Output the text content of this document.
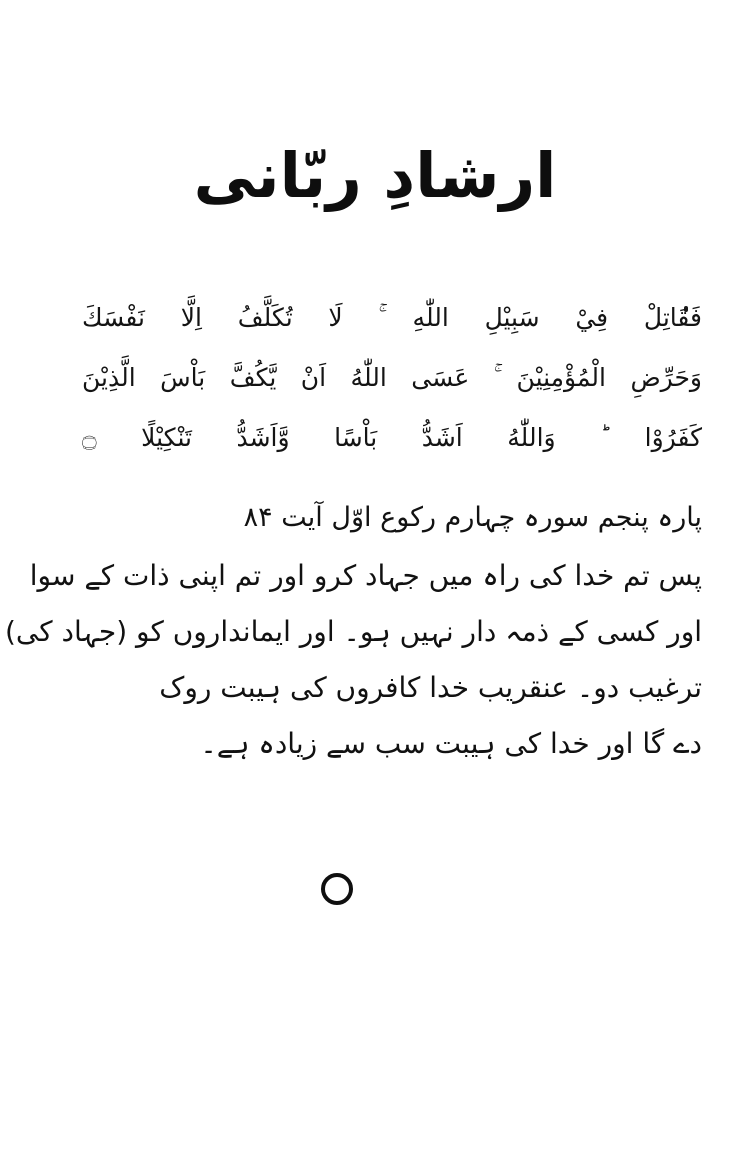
ارشادِ ربّانی
فَقَاتِلْ فِيْ سَبِيْلِ اللّٰهِ ۚ لَا تُكَلَّفُ اِلَّا نَفْسَكَ
وَحَرِّضِ الْمُؤْمِنِيْنَ ۚ عَسَى اللّٰهُ اَنْ يَّكُفَّ بَاْسَ الَّذِيْنَ
كَفَرُوْا ؕ وَاللّٰهُ اَشَدُّ بَاْسًا وَّاَشَدُّ تَنْكِيْلًا ۝
پارہ پنجم سورہ چہارم رکوع اوّل آیت ۸۴
پس تم خدا کی راہ میں جہاد کرو اور تم اپنی ذات کے سوا
اور کسی کے ذمہ دار نہیں ہو۔ اور ایمانداروں کو (جہاد کی)
ترغیب دو۔ عنقریب خدا کافروں کی ہیبت روک
دے گا اور خدا کی ہیبت سب سے زیادہ ہے۔
